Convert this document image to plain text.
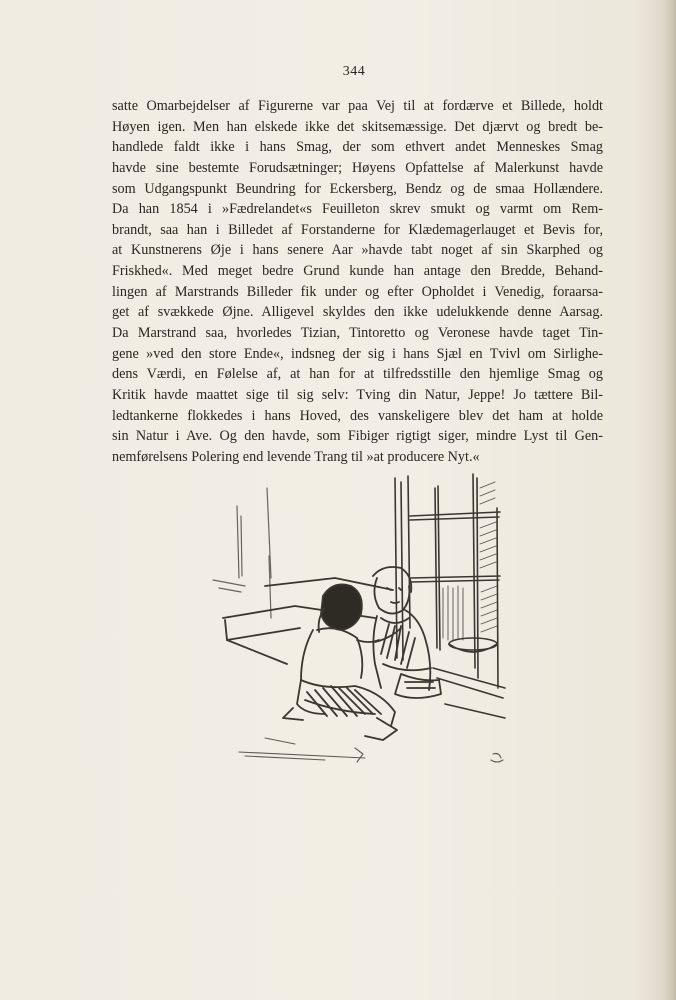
344
satte Omarbejdelser af Figurerne var paa Vej til at fordærve et Billede, holdt
Høyen igen. Men han elskede ikke det skitsemæssige. Det djærvt og bredt be-
handlede faldt ikke i hans Smag, der som ethvert andet Menneskes Smag
havde sine bestemte Forudsætninger; Høyens Opfattelse af Malerkunst havde
som Udgangspunkt Beundring for Eckersberg, Bendz og de smaa Hollændere.
Da han 1854 i »Fædrelandet«s Feuilleton skrev smukt og varmt om Rem-
brandt, saa han i Billedet af Forstanderne for Klædemagerlauget et Bevis for,
at Kunstnerens Øje i hans senere Aar »havde tabt noget af sin Skarphed og
Friskhed«. Med meget bedre Grund kunde han antage den Bredde, Behand-
lingen af Marstrands Billeder fik under og efter Opholdet i Venedig, foraarsa-
get af svækkede Øjne. Alligevel skyldes den ikke udelukkende denne Aarsag.
Da Marstrand saa, hvorledes Tizian, Tintoretto og Veronese havde taget Tin-
gene »ved den store Ende«, indsneg der sig i hans Sjæl en Tvivl om Sirlighe-
dens Værdi, en Følelse af, at han for at tilfredsstille den hjemlige Smag og
Kritik havde maattet sige til sig selv: Tving din Natur, Jeppe! Jo tættere Bil-
ledtankerne flokkedes i hans Hoved, des vanskeligere blev det ham at holde
sin Natur i Ave. Og den havde, som Fibiger rigtigt siger, mindre Lyst til Gen-
nemførelsens Polering end levende Trang til »at producere Nyt.«
